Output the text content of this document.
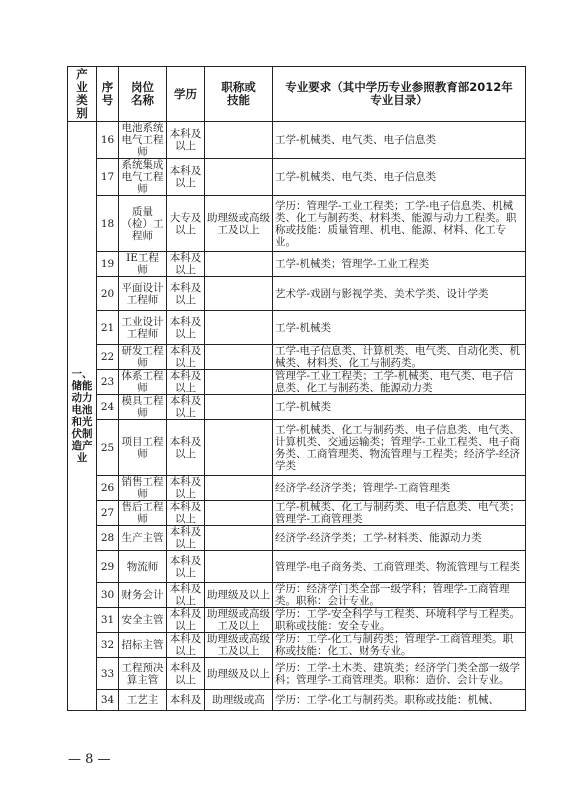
产业类别	序号	岗位名称	学历	职称或技能	专业要求（其中学历专业参照教育部2012年专业目录）
一、储能动力电池和光伏制造产业	16	电池系统电气工程师	本科及以上		工学-机械类、电气类、电子信息类
	17	系统集成电气工程师	本科及以上		工学-机械类、电气类、电子信息类
	18	质量（检）工程师	大专及以上	助理级或高级工及以上	学历：管理学-工业工程类；工学-电子信息类、机械类、化工与制药类、材料类、能源与动力工程类。职称或技能：质量管理、机电、能源、材料、化工专业。
	19	IE工程师	本科及以上		工学-机械类；管理学-工业工程类
	20	平面设计工程师	本科及以上		艺术学-戏剧与影视学类、美术学类、设计学类
	21	工业设计工程师	本科及以上		工学-机械类
	22	研发工程师	本科及以上		工学-电子信息类、计算机类、电气类、自动化类、机械类、材料类、化工与制药类。
	23	体系工程师	本科及以上		管理学-工业工程类；工学-机械类、电气类、电子信息类、化工与制药类、能源动力类
	24	模具工程师	本科及以上		工学-机械类
	25	项目工程师	本科及以上		工学-机械类、化工与制药类、电子信息类、电气类、计算机类、交通运输类；管理学-工业工程类、电子商务类、工商管理类、物流管理与工程类；经济学-经济学类
	26	销售工程师	本科及以上		经济学-经济学类；管理学-工商管理类
	27	售后工程师	本科及以上		工学-机械类、化工与制药类、电子信息类、电气类；管理学-工商管理类
	28	生产主管	本科及以上		经济学-经济学类；工学-材料类、能源动力类
	29	物流师	本科及以上		管理学-电子商务类、工商管理类、物流管理与工程类
	30	财务会计	本科及以上	助理级及以上	学历：经济学门类全部一级学科；管理学-工商管理类。职称：会计专业。
	31	安全主管	本科及以上	助理级或高级工及以上	学历：工学-安全科学与工程类、环境科学与工程类。职称或技能：安全专业。
	32	招标主管	本科及以上	助理级或高级工及以上	学历：工学-化工与制药类；管理学-工商管理类。职称或技能：化工、财务专业。
	33	工程预决算主管	本科及以上	助理级及以上	学历：工学-土木类、建筑类；经济学门类全部一级学科；管理学-工商管理类。职称：造价、会计专业。
	34	工艺主	本科及	助理级或高	学历：工学-化工与制药类。职称或技能：机械、
— 8 —
